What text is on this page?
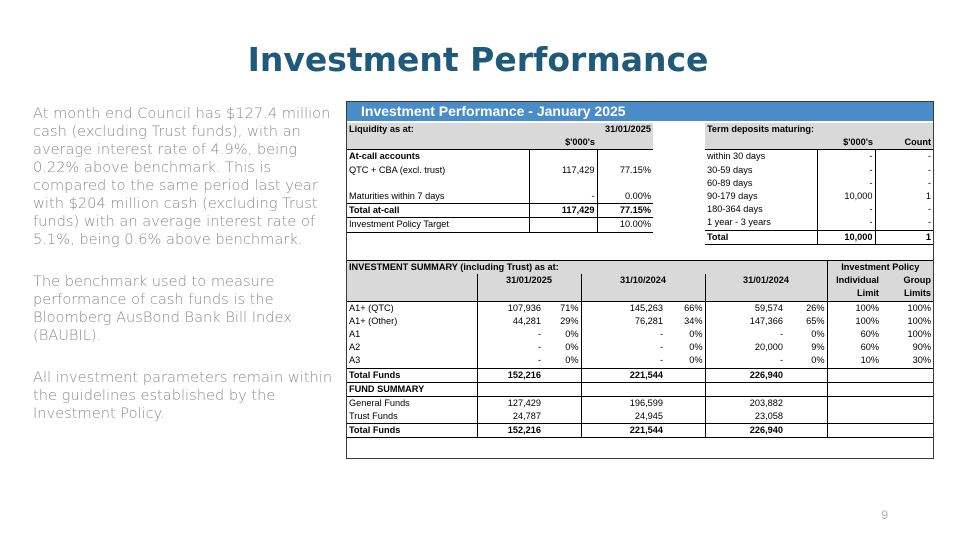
Investment Performance

At month end Council has $127.4 million cash (excluding Trust funds), with an average interest rate of 4.9%, being 0.22% above benchmark. This is compared to the same period last year with $204 million cash (excluding Trust funds) with an average interest rate of 5.1%, being 0.6% above benchmark.

The benchmark used to measure performance of cash funds is the Bloomberg AusBond Bank Bill Index (BAUBIL).

All investment parameters remain within the guidelines established by the Investment Policy.

9
Investment Performance - January 2025
Liquidity as at:		31/01/2025
	$'000's	
At-call accounts		
QTC + CBA (excl. trust)	117,429	77.15%

Maturities within 7 days	-	0.00%
Total at-call	117,429	77.15%
Investment Policy Target		10.00%
Term deposits maturing:		
	$'000's	Count
within 30 days	-	-
30-59 days	-	-
60-89 days	-	-
90-179 days	10,000	1
180-364 days	-	-
1 year - 3 years	-	-
Total	10,000	1
INVESTMENT SUMMARY (including Trust) as at:							Investment Policy	
	31/01/2025		31/10/2024		31/01/2024		Individual	Group
							Limit	Limits
A1+ (QTC)	107,936	71%	145,263	66%	59,574	26%	100%	100%
A1+ (Other)	44,281	29%	76,281	34%	147,366	65%	100%	100%
A1	-	0%	-	0%	-	0%	60%	100%
A2	-	0%	-	0%	20,000	9%	60%	90%
A3	-	0%	-	0%	-	0%	10%	30%
Total Funds	152,216		221,544		226,940			
FUND SUMMARY								
General Funds	127,429		196,599		203,882			
Trust Funds	24,787		24,945		23,058			
Total Funds	152,216		221,544		226,940			
